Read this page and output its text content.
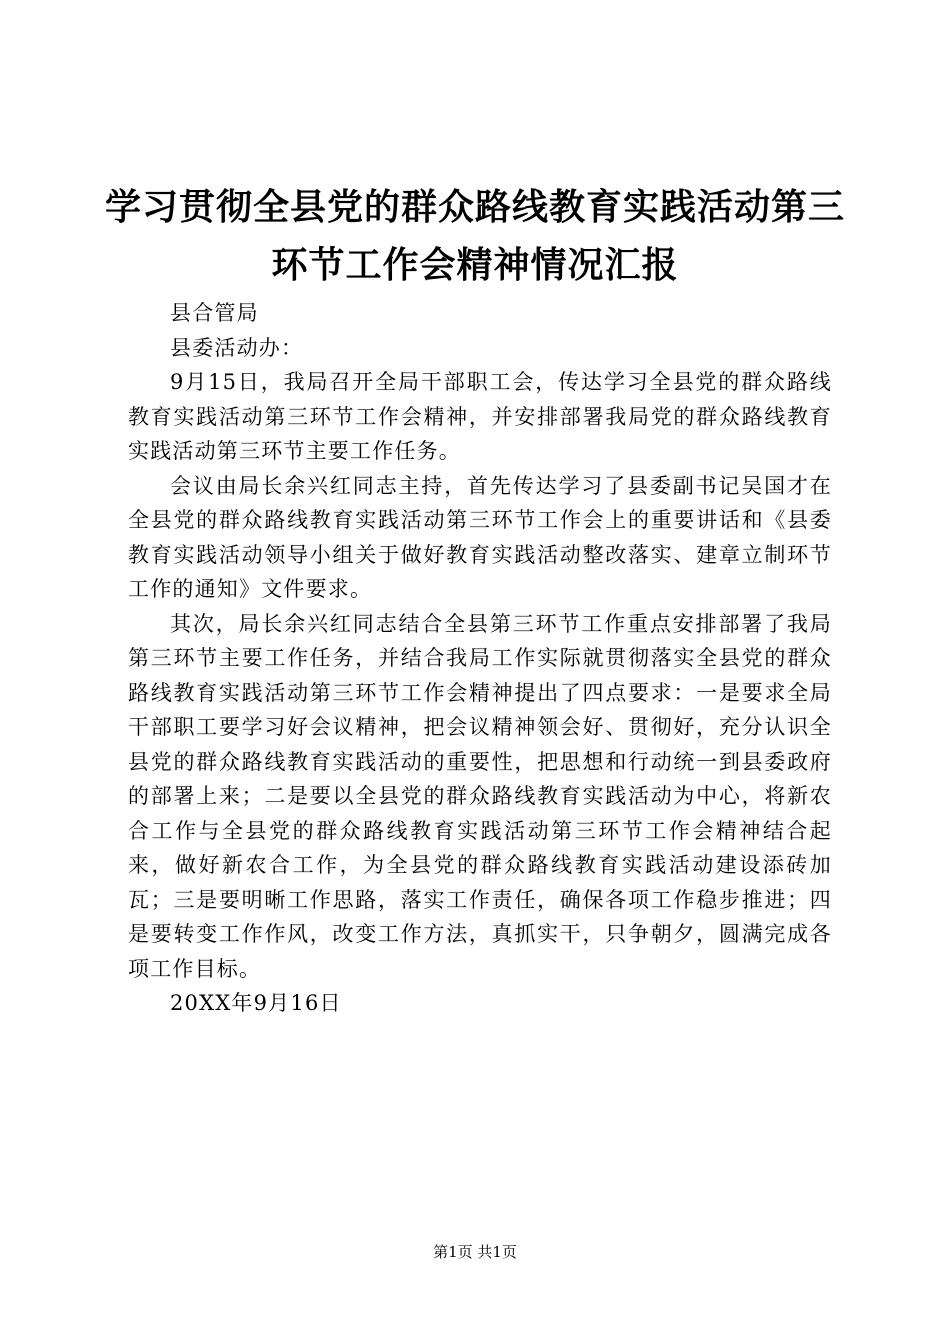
学习贯彻全县党的群众路线教育实践活动第三
环节工作会精神情况汇报

县合管局

县委活动办：

9月15日，我局召开全局干部职工会，传达学习全县党的群众路线教育实践活动第三环节工作会精神，并安排部署我局党的群众路线教育实践活动第三环节主要工作任务。

会议由局长余兴红同志主持，首先传达学习了县委副书记吴国才在全县党的群众路线教育实践活动第三环节工作会上的重要讲话和《县委教育实践活动领导小组关于做好教育实践活动整改落实、建章立制环节工作的通知》文件要求。

其次，局长余兴红同志结合全县第三环节工作重点安排部署了我局第三环节主要工作任务，并结合我局工作实际就贯彻落实全县党的群众路线教育实践活动第三环节工作会精神提出了四点要求：一是要求全局干部职工要学习好会议精神，把会议精神领会好、贯彻好，充分认识全县党的群众路线教育实践活动的重要性，把思想和行动统一到县委政府的部署上来；二是要以全县党的群众路线教育实践活动为中心，将新农合工作与全县党的群众路线教育实践活动第三环节工作会精神结合起来，做好新农合工作，为全县党的群众路线教育实践活动建设添砖加瓦；三是要明晰工作思路，落实工作责任，确保各项工作稳步推进；四是要转变工作作风，改变工作方法，真抓实干，只争朝夕，圆满完成各项工作目标。

20XX年9月16日

第1页 共1页
